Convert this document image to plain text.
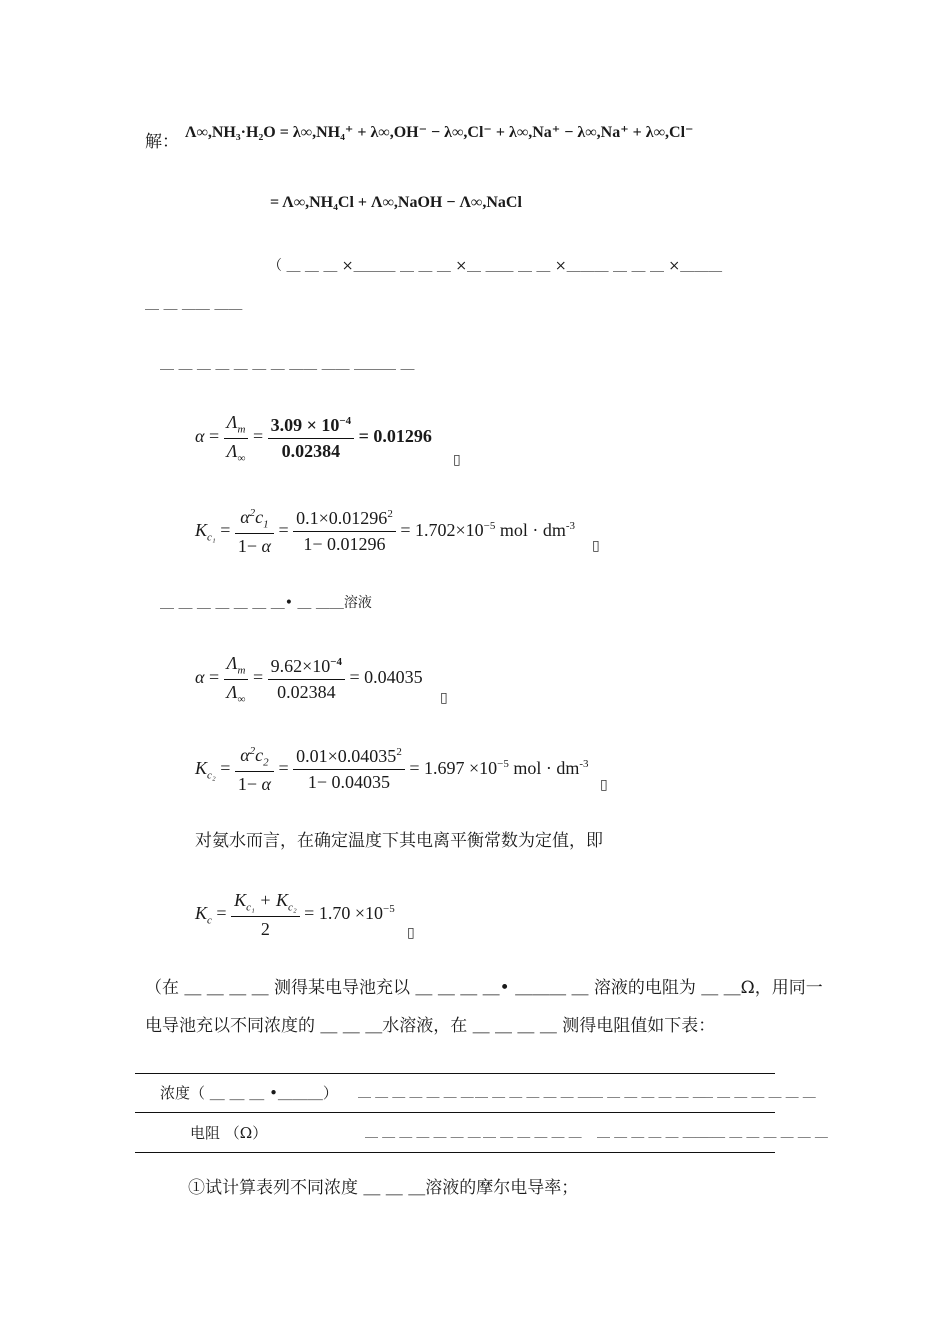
解： Λ∞,NH₃·H₂O = λ∞,NH₄⁺ + λ∞,OH⁻ − λ∞,Cl⁻ + λ∞,Na⁺ − λ∞,Na⁺ + λ∞,Cl⁻
= Λ∞,NH₄Cl + Λ∞,NaOH − Λ∞,NaCl
（ ＿ ＿ ＿ ×＿＿＿ ＿ ＿ ＿ ×＿ ＿＿ ＿ ＿ ×＿＿＿ ＿ ＿ ＿ ×＿＿＿
＿ ＿ ＿＿ ＿＿
＿ ＿ ＿ ＿ ＿ ＿ ＿ ＿＿ ＿＿ ＿＿＿ ＿
$\alpha = \frac{\Lambda_m}{\Lambda_\infty} = \frac{3.09 \times 10^{-4}}{0.02384} = 0.01296$
▯
$K_{c_1} = \frac{\alpha^2c_1}{1- \alpha} = \frac{0.1\times 0.01296^2}{1- 0.01296} = 1.702\times 10^{-5}$ mol · $dm^{-3}$
▯
＿ ＿ ＿ ＿ ＿ ＿ ＿• ＿ ＿＿溶液
$\alpha = \frac{\Lambda_m}{\Lambda_\infty} = \frac{9.62\times 10^{-4}}{0.02384} = 0.04035$
▯
$K_{c_2} = \frac{\alpha^2c_2}{1- \alpha} = \frac{0.01\times 0.04035^2}{1- 0.04035} = 1.697 \times 10^{-5}$ mol · $dm^{-3}$
▯
对氨水而言，在确定温度下其电离平衡常数为定值，即
$K_c = \frac{K_{c_1} + K_{c_2}}{2} = 1.70 \times 10^{-5}$
▯
（在 ＿ ＿ ＿ ＿ 测得某电导池充以 ＿ ＿ ＿ ＿• ＿＿＿ ＿ 溶液的电阻为 ＿ ＿Ω，用同一
电导池充以不同浓度的 ＿ ＿ ＿水溶液，在 ＿ ＿ ＿ ＿ 测得电阻值如下表：
浓度（ ＿ ＿ ＿ •＿＿＿） ＿ ＿ ＿ ＿ ＿ ＿ ＿ ＿ ＿ ＿ ＿ ＿ ＿ ＿ ＿ ＿ ＿ ＿ ＿ ＿ ＿
＿ ＿ ＿ ＿ ＿ ＿ ＿
电阻 （Ω）	＿ ＿ ＿ ＿ ＿ ＿ ＿ ＿ ＿ ＿ ＿ ＿ ＿ ＿ ＿ ＿ ＿ ＿ ＿ ＿
＿ ＿ ＿ ＿ ＿ ＿ ＿ ＿
①试计算表列不同浓度 ＿ ＿ ＿溶液的摩尔电导率；
